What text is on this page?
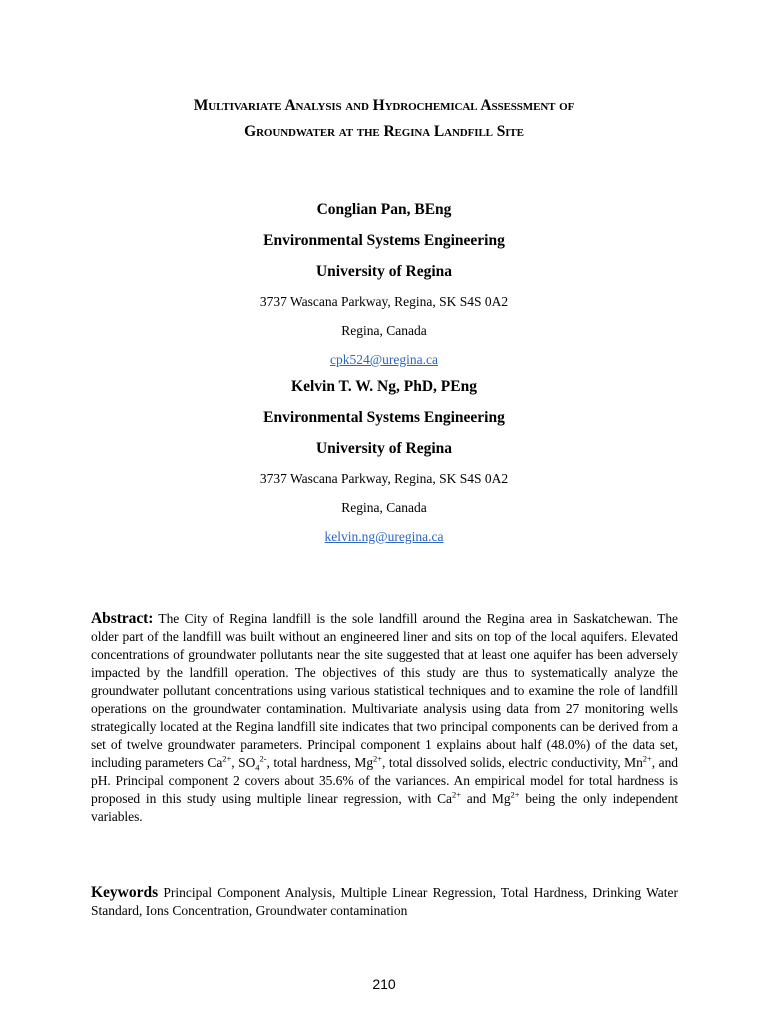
Multivariate Analysis and Hydrochemical Assessment of
Groundwater at the Regina Landfill Site
Conglian Pan, BEng
Environmental Systems Engineering
University of Regina
3737 Wascana Parkway, Regina, SK S4S 0A2
Regina, Canada
cpk524@uregina.ca
Kelvin T. W. Ng, PhD, PEng
Environmental Systems Engineering
University of Regina
3737 Wascana Parkway, Regina, SK S4S 0A2
Regina, Canada
kelvin.ng@uregina.ca
Abstract: The City of Regina landfill is the sole landfill around the Regina area in Saskatchewan. The older part of the landfill was built without an engineered liner and sits on top of the local aquifers. Elevated concentrations of groundwater pollutants near the site suggested that at least one aquifer has been adversely impacted by the landfill operation. The objectives of this study are thus to systematically analyze the groundwater pollutant concentrations using various statistical techniques and to examine the role of landfill operations on the groundwater contamination. Multivariate analysis using data from 27 monitoring wells strategically located at the Regina landfill site indicates that two principal components can be derived from a set of twelve groundwater parameters. Principal component 1 explains about half (48.0%) of the data set, including parameters $Ca^{2+}$, $SO_4^{2-}$, total hardness, $Mg^{2+}$, total dissolved solids, electric conductivity, $Mn^{2+}$, and pH. Principal component 2 covers about 35.6% of the variances. An empirical model for total hardness is proposed in this study using multiple linear regression, with $Ca^{2+}$ and $Mg^{2+}$ being the only independent variables.
Keywords Principal Component Analysis, Multiple Linear Regression, Total Hardness, Drinking Water Standard, Ions Concentration, Groundwater contamination
210
